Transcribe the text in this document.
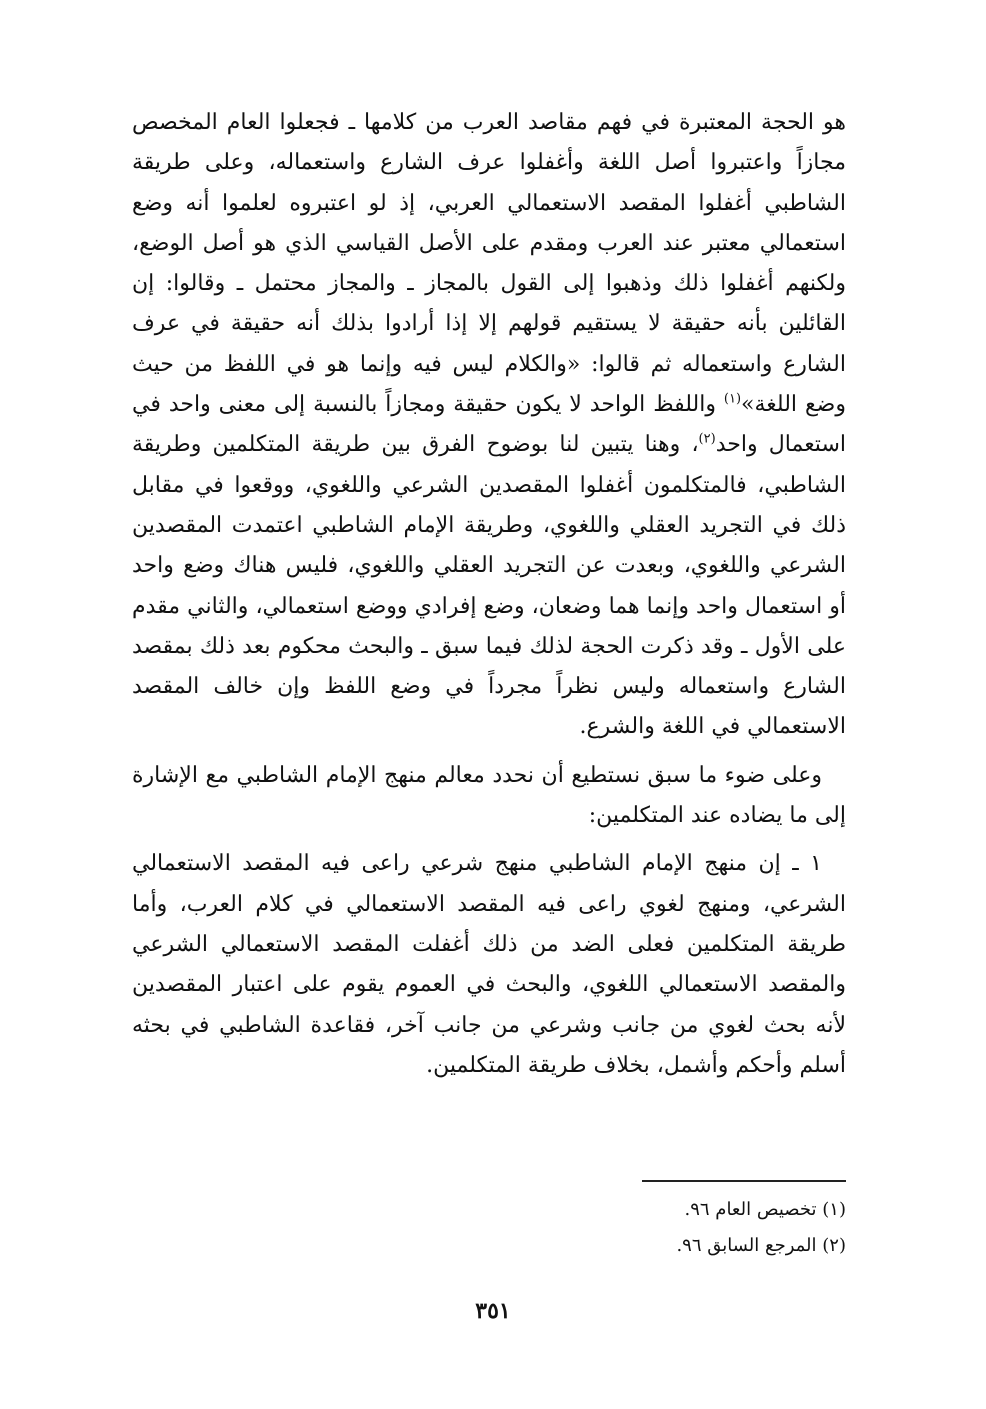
هو الحجة المعتبرة في فهم مقاصد العرب من كلامها ـ فجعلوا العام المخصص مجازاً واعتبروا أصل اللغة وأغفلوا عرف الشارع واستعماله، وعلى طريقة الشاطبي أغفلوا المقصد الاستعمالي العربي، إذ لو اعتبروه لعلموا أنه وضع استعمالي معتبر عند العرب ومقدم على الأصل القياسي الذي هو أصل الوضع، ولكنهم أغفلوا ذلك وذهبوا إلى القول بالمجاز ـ والمجاز محتمل ـ وقالوا: إن القائلين بأنه حقيقة لا يستقيم قولهم إلا إذا أرادوا بذلك أنه حقيقة في عرف الشارع واستعماله ثم قالوا: «والكلام ليس فيه وإنما هو في اللفظ من حيث وضع اللغة»$^{(١)}$ واللفظ الواحد لا يكون حقيقة ومجازاً بالنسبة إلى معنى واحد في استعمال واحد$^{(٢)}$، وهنا يتبين لنا بوضوح الفرق بين طريقة المتكلمين وطريقة الشاطبي، فالمتكلمون أغفلوا المقصدين الشرعي واللغوي، ووقعوا في مقابل ذلك في التجريد العقلي واللغوي، وطريقة الإمام الشاطبي اعتمدت المقصدين الشرعي واللغوي، وبعدت عن التجريد العقلي واللغوي، فليس هناك وضع واحد أو استعمال واحد وإنما هما وضعان، وضع إفرادي ووضع استعمالي، والثاني مقدم على الأول ـ وقد ذكرت الحجة لذلك فيما سبق ـ والبحث محكوم بعد ذلك بمقصد الشارع واستعماله وليس نظراً مجرداً في وضع اللفظ وإن خالف المقصد الاستعمالي في اللغة والشرع.

وعلى ضوء ما سبق نستطيع أن نحدد معالم منهج الإمام الشاطبي مع الإشارة إلى ما يضاده عند المتكلمين:

١ ـ إن منهج الإمام الشاطبي منهج شرعي راعى فيه المقصد الاستعمالي الشرعي، ومنهج لغوي راعى فيه المقصد الاستعمالي في كلام العرب، وأما طريقة المتكلمين فعلى الضد من ذلك أغفلت المقصد الاستعمالي الشرعي والمقصد الاستعمالي اللغوي، والبحث في العموم يقوم على اعتبار المقصدين لأنه بحث لغوي من جانب وشرعي من جانب آخر، فقاعدة الشاطبي في بحثه أسلم وأحكم وأشمل، بخلاف طريقة المتكلمين.

(١) تخصيص العام ٩٦.

(٢) المرجع السابق ٩٦.

٣٥١
